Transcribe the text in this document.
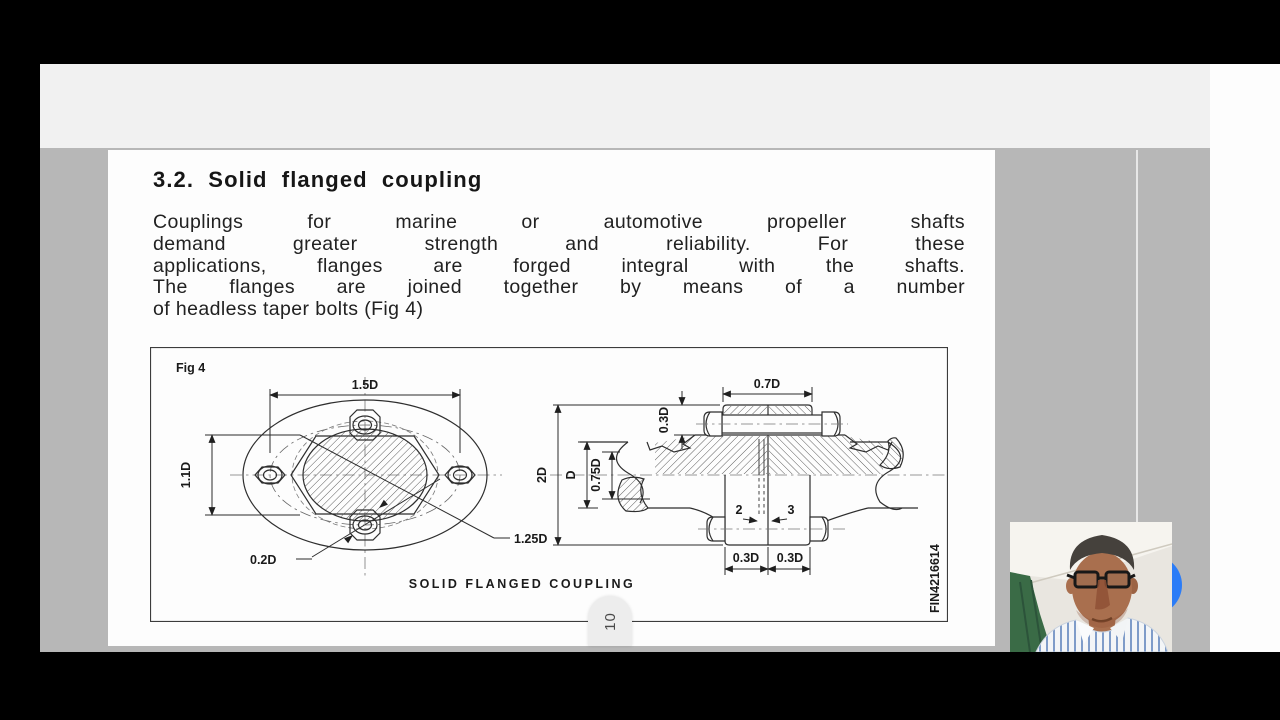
3.2. Solid flanged coupling
Couplings for marine or automotive propeller shafts
demand greater strength and reliability. For these
applications, flanges are forged integral with the shafts.
The flanges are joined together by means of a number
of headless taper bolts (Fig 4)
Fig 4
1.5D
1.1D
0.2D
1.25D
0.7D
0.3D
2D D 0.75D
0.3D 0.3D
2	3
SOLID FLANGED COUPLING	FIN4216614
10
